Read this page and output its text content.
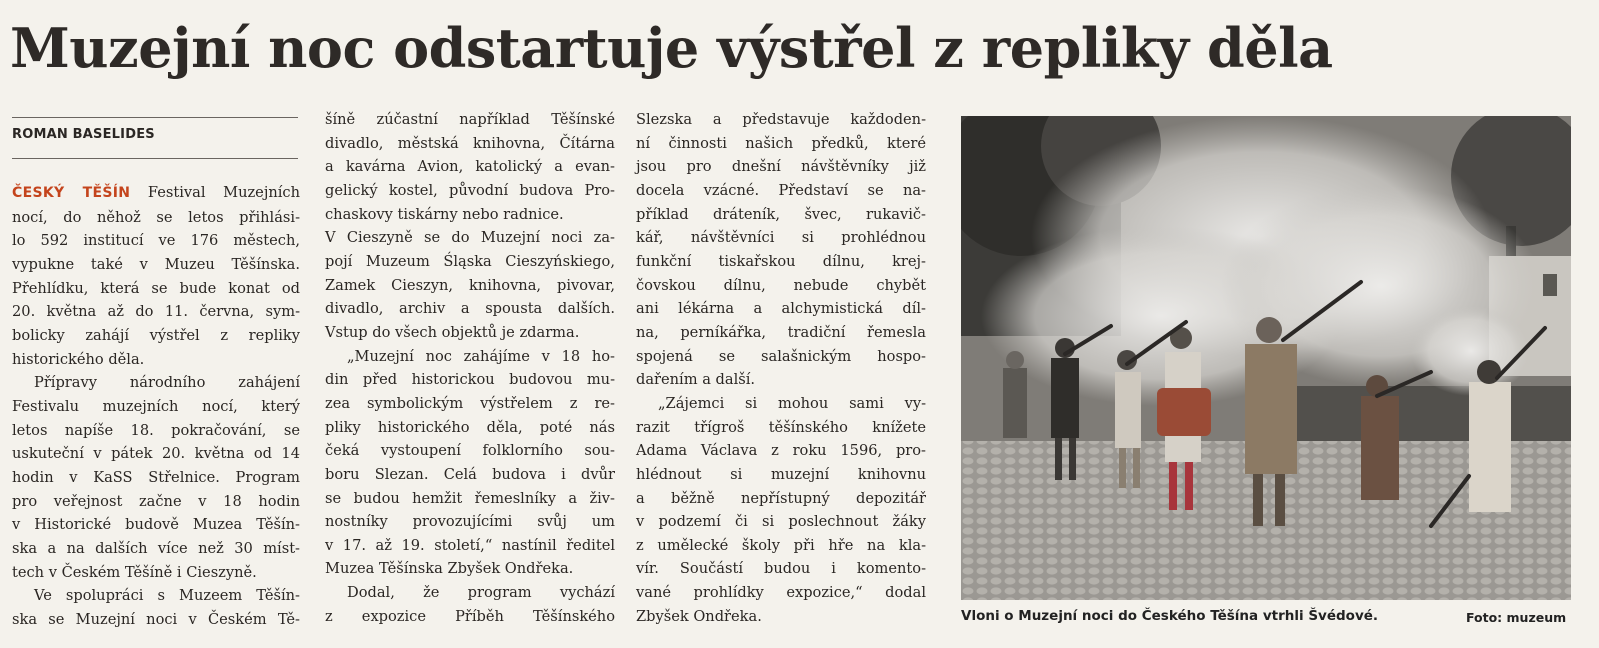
Muzejní noc odstartuje výstřel z repliky děla
ROMAN BASELIDES
ČESKÝ TĚŠÍN Festival Muzejních
nocí, do něhož se letos přihlási-
lo 592 institucí ve 176 městech,
vypukne také v Muzeu Těšínska.
Přehlídku, která se bude konat od
20. května až do 11. června, sym-
bolicky zahájí výstřel z repliky
historického děla.
Přípravy národního zahájení
Festivalu muzejních nocí, který
letos napíše 18. pokračování, se
uskuteční v pátek 20. května od 14
hodin v KaSS Střelnice. Program
pro veřejnost začne v 18 hodin
v Historické budově Muzea Těšín-
ska a na dalších více než 30 míst-
tech v Českém Těšíně i Cieszyně.
Ve spolupráci s Muzeem Těšín-
ska se Muzejní noci v Českém Tě-
šíně zúčastní například Těšínské
divadlo, městská knihovna, Čítárna
a kavárna Avion, katolický a evan-
gelický kostel, původní budova Pro-
chaskovy tiskárny nebo radnice.
V Cieszyně se do Muzejní noci za-
pojí Muzeum Śląska Cieszyńskiego,
Zamek Cieszyn, knihovna, pivovar,
divadlo, archiv a spousta dalších.
Vstup do všech objektů je zdarma.
„Muzejní noc zahájíme v 18 ho-
din před historickou budovou mu-
zea symbolickým výstřelem z re-
pliky historického děla, poté nás
čeká vystoupení folklorního sou-
boru Slezan. Celá budova i dvůr
se budou hemžit řemeslníky a živ-
nostníky provozujícími svůj um
v 17. až 19. století,“ nastínil ředitel
Muzea Těšínska Zbyšek Ondřeka.
Dodal, že program vychází
z expozice Příběh Těšínského
Slezska a představuje každoden-
ní činnosti našich předků, které
jsou pro dnešní návštěvníky již
docela vzácné. Představí se na-
příklad dráteník, švec, rukavič-
kář, návštěvníci si prohlédnou
funkční tiskařskou dílnu, krej-
čovskou dílnu, nebude chybět
ani lékárna a alchymistická díl-
na, perníkářka, tradiční řemesla
spojená se salašnickým hospo-
dařením a další.
„Zájemci si mohou sami vy-
razit třígroš těšínského knížete
Adama Václava z roku 1596, pro-
hlédnout si muzejní knihovnu
a běžně nepřístupný depozitář
v podzemí či si poslechnout žáky
z umělecké školy při hře na kla-
vír. Součástí budou i komento-
vané prohlídky expozice,“ dodal
Zbyšek Ondřeka.	Vloni o Muzejní noci do Českého Těšína vtrhli Švédové.	Foto: muzeum
